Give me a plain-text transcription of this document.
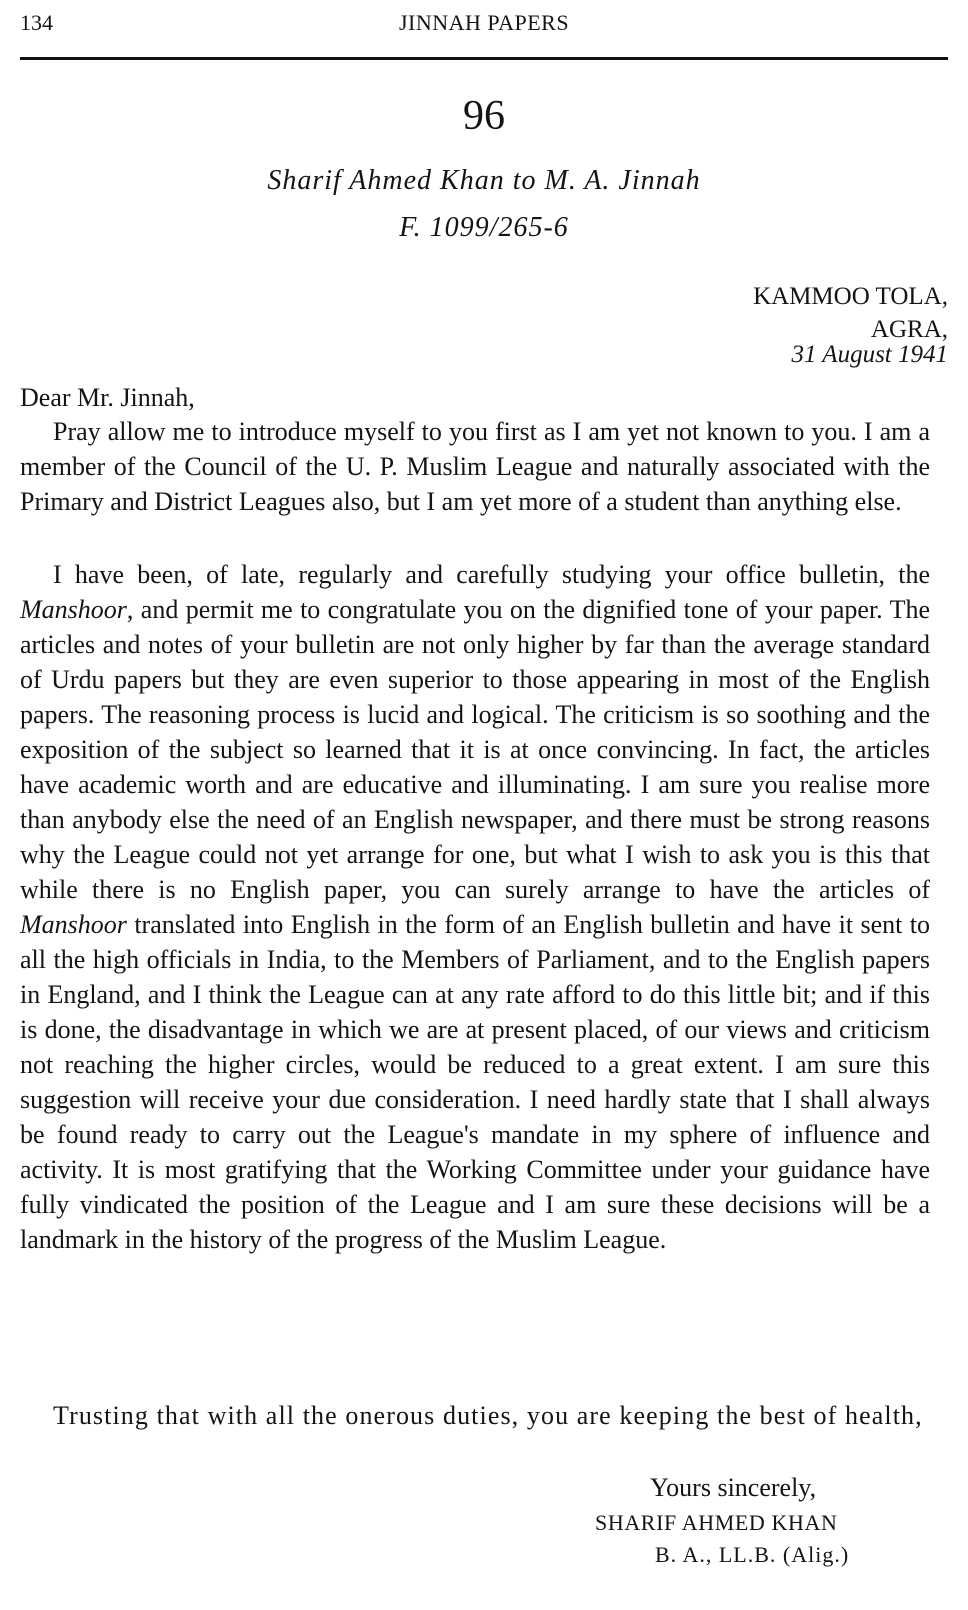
134	JINNAH PAPERS
96
Sharif Ahmed Khan to M. A. Jinnah
F. 1099/265-6
KAMMOO TOLA,
AGRA,
31 August 1941
Dear Mr. Jinnah,

Pray allow me to introduce myself to you first as I am yet not known to you. I am a member of the Council of the U. P. Muslim League and naturally associated with the Primary and District Leagues also, but I am yet more of a student than anything else.

I have been, of late, regularly and carefully studying your office bulletin, the Manshoor, and permit me to congratulate you on the dignified tone of your paper. The articles and notes of your bulletin are not only higher by far than the average standard of Urdu papers but they are even superior to those appearing in most of the English papers. The reasoning process is lucid and logical. The criticism is so soothing and the exposition of the subject so learned that it is at once convincing. In fact, the articles have academic worth and are educative and illuminating. I am sure you realise more than anybody else the need of an English newspaper, and there must be strong reasons why the League could not yet arrange for one, but what I wish to ask you is this that while there is no English paper, you can surely arrange to have the articles of Manshoor translated into English in the form of an English bulletin and have it sent to all the high officials in India, to the Members of Parliament, and to the English papers in England, and I think the League can at any rate afford to do this little bit; and if this is done, the disadvantage in which we are at present placed, of our views and criticism not reaching the higher circles, would be reduced to a great extent. I am sure this suggestion will receive your due consideration. I need hardly state that I shall always be found ready to carry out the League's mandate in my sphere of influence and activity. It is most gratifying that the Working Committee under your guidance have fully vindicated the position of the League and I am sure these decisions will be a landmark in the history of the progress of the Muslim League.

Trusting that with all the onerous duties, you are keeping the best of health,

Yours sincerely,
SHARIF AHMED KHAN
B. A., LL.B. (Alig.)
